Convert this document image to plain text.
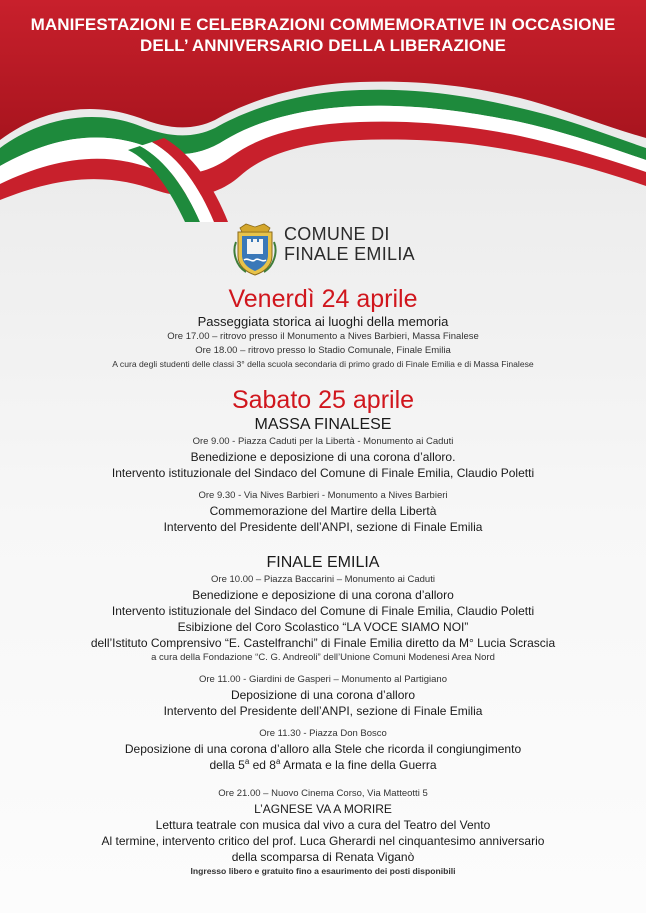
MANIFESTAZIONI E CELEBRAZIONI COMMEMORATIVE IN OCCASIONE
DELL’ ANNIVERSARIO DELLA LIBERAZIONE
COMUNE DI
FINALE EMILIA
Venerdì 24 aprile
Passeggiata storica ai luoghi della memoria
Ore 17.00 – ritrovo presso il Monumento a Nives Barbieri, Massa Finalese
Ore 18.00 – ritrovo presso lo Stadio Comunale, Finale Emilia
A cura degli studenti delle classi 3° della scuola secondaria di primo grado di Finale Emilia e di Massa Finalese
Sabato 25 aprile
MASSA FINALESE
Ore 9.00 - Piazza Caduti per la Libertà - Monumento ai Caduti
Benedizione e deposizione di una corona d’alloro.
Intervento istituzionale del Sindaco del Comune di Finale Emilia, Claudio Poletti
Ore 9.30 - Via Nives Barbieri - Monumento a Nives Barbieri
Commemorazione del Martire della Libertà
Intervento del Presidente dell’ANPI, sezione di Finale Emilia
FINALE EMILIA
Ore 10.00 – Piazza Baccarini – Monumento ai Caduti
Benedizione e deposizione di una corona d’alloro
Intervento istituzionale del Sindaco del Comune di Finale Emilia, Claudio Poletti
Esibizione del Coro Scolastico “LA VOCE SIAMO NOI”
dell’Istituto Comprensivo “E. Castelfranchi” di Finale Emilia diretto da M° Lucia Scrascia
a cura della Fondazione “C. G. Andreoli” dell’Unione Comuni Modenesi Area Nord
Ore 11.00 - Giardini de Gasperi – Monumento al Partigiano
Deposizione di una corona d’alloro
Intervento del Presidente dell’ANPI, sezione di Finale Emilia
Ore 11.30 - Piazza Don Bosco
Deposizione di una corona d’alloro alla Stele che ricorda il congiungimento
della 5$^a$ ed 8$^a$ Armata e la fine della Guerra
Ore 21.00 – Nuovo Cinema Corso, Via Matteotti 5
L’AGNESE VA A MORIRE
Lettura teatrale con musica dal vivo a cura del Teatro del Vento
Al termine, intervento critico del prof. Luca Gherardi nel cinquantesimo anniversario
della scomparsa di Renata Viganò
Ingresso libero e gratuito fino a esaurimento dei posti disponibili
